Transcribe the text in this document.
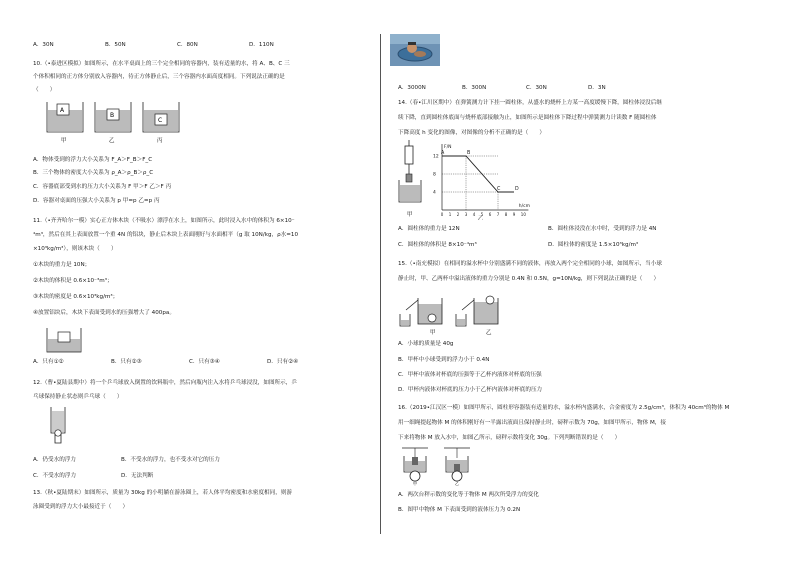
A．30N	B．50N	C．80N	D．110N
10.（•泰进区模拟）如图所示，在水平桌面上的三个完全相同的容器内，装有适量的水，将 A、B、C 三
个体积相同的正方体分别放入容器内，待正方体静止后，三个容器内水面高度相同。下列说法正确的是
（　　）
A
B
C
甲	乙	丙
A．物体受到的浮力大小关系为 F_A＞F_B＞F_C
B．三个物体的密度大小关系为 ρ_A＞ρ_B＞ρ_C
C．容器底部受到水的压力大小关系为 F 甲＞F 乙＞F 丙
D．容器对桌面的压强大小关系为 p 甲=p 乙=p 丙
11.（•齐齐哈尔一模）实心正方体木块（不吸水）漂浮在水上，如图所示，此时浸入水中的体积为 6×10⁻
⁴m³，然后在其上表面放置一个重 4N 的铝块，静止后木块上表面刚好与水面相平（g 取 10N/kg，ρ水=10
×10³kg/m³），则该木块（　　）
①木块的重力是 10N；
②木块的体积是 0.6×10⁻³m³；
③木块的密度是 0.6×10³kg/m³；
④放置铝块后，木块下表面受到水的压强增大了 400pa。
A．只有①②	B．只有②③	C．只有③④	D．只有②④
12.（曹•夏陆县期中）将一个乒乓球放入倒置的饮料瓶中，然后向瓶内注入水将乒乓球浸没，如图所示，乒
乓球保持静止状态则乒乓球（　　）
A．仍受水的浮力	B．不受水的浮力，也不受水对它的压力
C．不受水的浮力	D．无法判断
13.（秋•夏陆期末）如图所示，质量为 30kg 的小明躺在游泳圈上，若人体平均密度和水密度相同，则游
泳圈受到的浮力大小最接近于（　　）
A．3000N	B．300N	C．30N	D．3N
14.（春•江川区期中）在弹簧测力计下挂一圆柱体，从盛水的烧杯上方某一高度缓慢下降，圆柱体浸没后继
续下降，直到圆柱体底面与烧杯底部接触为止，如图所示是圆柱体下降过程中弹簧测力计读数 F 随圆柱体
下降高度 h 变化的图像，对图像的分析不正确的是（　　）
甲
F/N
h/cm
12
8
4
0 1 2 3 4 5 6 7 8 9 10
A	B
C	D
乙
A．圆柱体的重力是 12N	B．圆柱体浸没在水中时，受到的浮力是 4N
C．圆柱体的体积是 8×10⁻⁴m³	D．圆柱体的密度是 1.5×10³kg/m³
15.（•南充模拟）在相同的溢水杯中分别盛满不同的液体，再放入两个完全相同的小球，如图所示，当小球
静止时，甲、乙两杯中溢出液体的重力分别是 0.4N 和 0.5N，g=10N/kg，则下列说法正确的是（　　）
甲	乙
A．小球的质量是 40g
B．甲杯中小球受到的浮力小于 0.4N
C．甲杯中液体对杯底的压强等于乙杯内液体对杯底的压强
D．甲杯内液体对杯底的压力小于乙杯内液体对杯底的压力
16.（2019•江汉区一模）如图甲所示，圆柱形容器装有适量的水，溢水杯内盛满水，合金密度为 2.5g/cm³，体积为 40cm³的物体 M
用一细绳提起物体 M 的体积刚好有一半露出液面且保持静止时，磅秤示数为 70g，如图甲所示，物体 M，接
下来将物体 M 放入水中，如图乙所示，磅秤示数将变化 30g。下列判断错误的是（　　）
甲	乙
A．两次台秤示数的变化等于物体 M 两次所受浮力的变化
B．图甲中物体 M 下表面受到的液体压力为 0.2N
